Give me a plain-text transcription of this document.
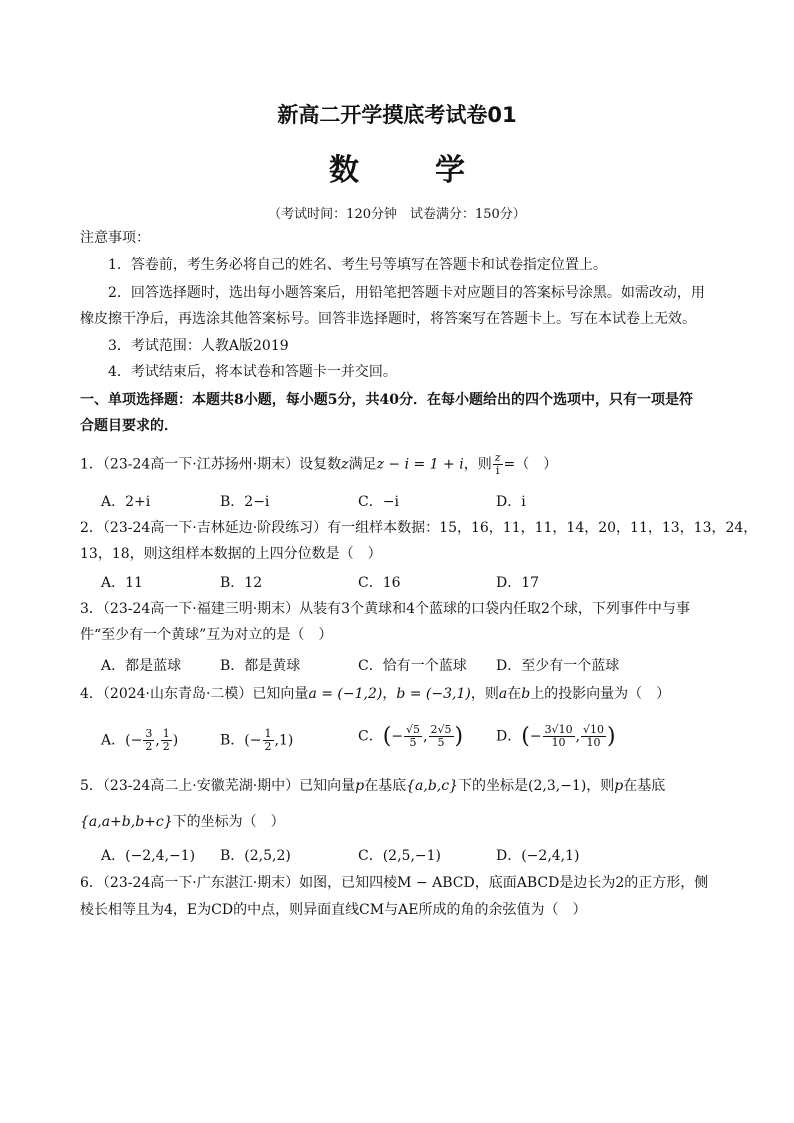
新高二开学摸底考试卷01
数	学
（考试时间：120分钟　试卷满分：150分）
注意事项：
1．答卷前，考生务必将自己的姓名、考生号等填写在答题卡和试卷指定位置上。
2．回答选择题时，选出每小题答案后，用铅笔把答题卡对应题目的答案标号涂黑。如需改动，用
橡皮擦干净后，再选涂其他答案标号。回答非选择题时，将答案写在答题卡上。写在本试卷上无效。
3．考试范围：人教A版2019
4．考试结束后，将本试卷和答题卡一并交回。
一、单项选择题：本题共8小题，每小题5分，共40分．在每小题给出的四个选项中，只有一项是符
合题目要求的．
1．（23-24高一下·江苏扬州·期末）设复数z满足z − i = 1 + i，则 $\frac{z}{i}$ =（　）
A．2+i	B．2−i	C．−i	D．i
2．（23-24高一下·吉林延边·阶段练习）有一组样本数据：15，16，11，11，14，20，11，13，13，24，
13，18，则这组样本数据的上四分位数是（　）
A．11	B．12	C．16	D．17
3．（23-24高一下·福建三明·期末）从装有3个黄球和4个蓝球的口袋内任取2个球，下列事件中与事
件“至少有一个黄球”互为对立的是（　）
A．都是蓝球	B．都是黄球	C．恰有一个蓝球 D．至少有一个蓝球
4．（2024·山东青岛·二模）已知向量a = (−1,2)，b = (−3,1)，则a在b上的投影向量为（　）
A．(− $\frac{3}{2}$ , $\frac{1}{2}$ )	B．(− $\frac{1}{2} ,1$)	C．(− $\frac{√5}{5}$ , $\frac{2√5}{5}$ ) D．(− $\frac{3√10}{10}$ , $\frac{√10}{10}$ )
5．（23-24高二上·安徽芜湖·期中）已知向量p在基底{a,b,c}下的坐标是(2,3,−1)，则p在基底
{a,a+b,b+c}下的坐标为（　）
A．(−2,4,−1) B．(2,5,2)	C．(2,5,−1)	D．(−2,4,1)
6．（23-24高一下·广东湛江·期末）如图，已知四棱M − ABCD，底面ABCD是边长为2的正方形，侧
棱长相等且为4，E为CD的中点，则异面直线CM与AE所成的角的余弦值为（　）
